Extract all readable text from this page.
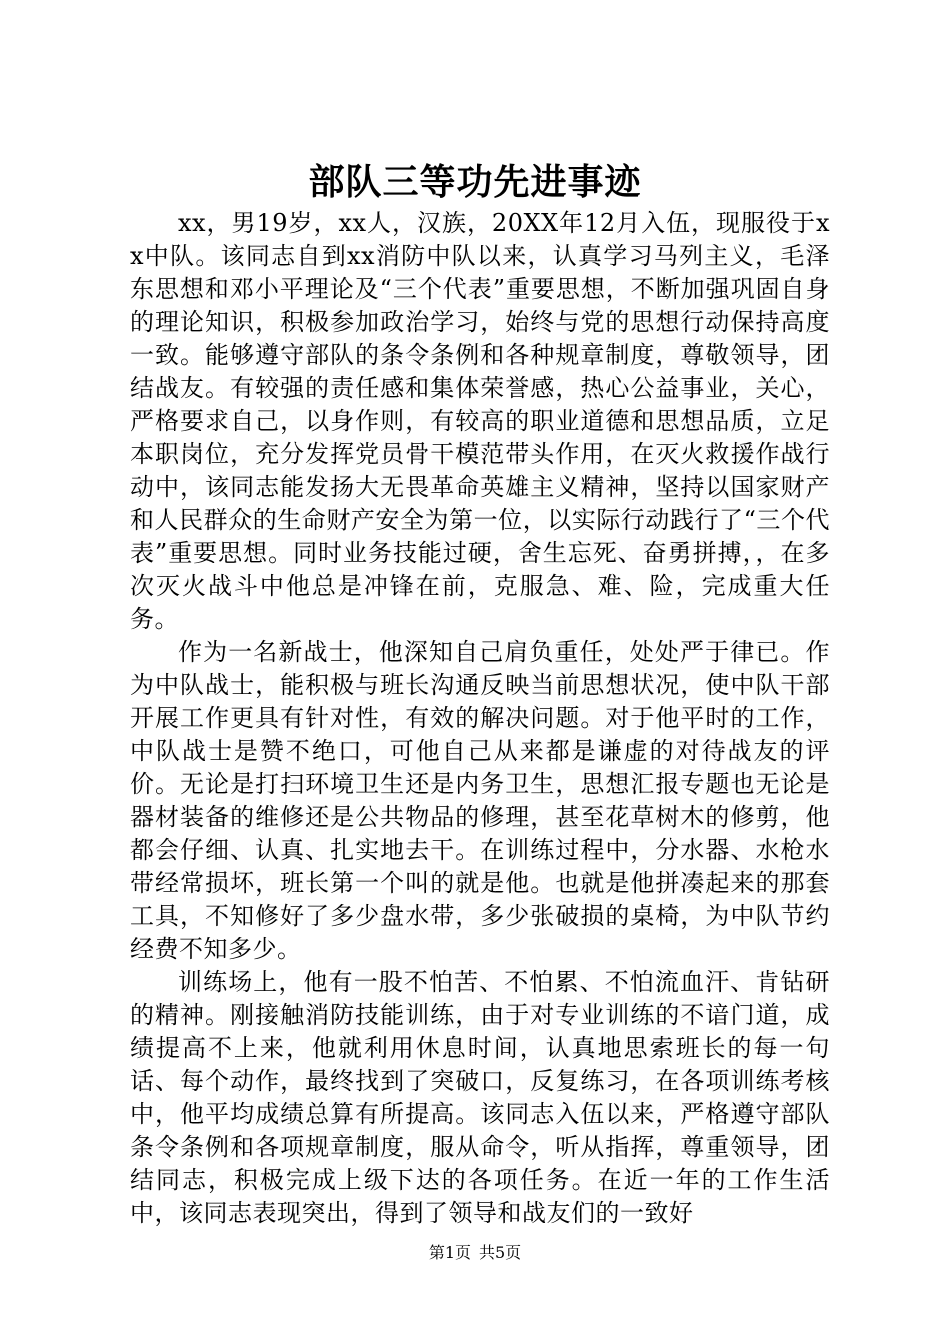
部队三等功先进事迹

xx，男19岁，xx人，汉族，20XX年12月入伍，现服役于xx中队。该同志自到xx消防中队以来，认真学习马列主义，毛泽东思想和邓小平理论及“三个代表”重要思想，不断加强巩固自身的理论知识，积极参加政治学习，始终与党的思想行动保持高度一致。能够遵守部队的条令条例和各种规章制度，尊敬领导，团结战友。有较强的责任感和集体荣誉感，热心公益事业，关心，严格要求自己，以身作则，有较高的职业道德和思想品质，立足本职岗位，充分发挥党员骨干模范带头作用，在灭火救援作战行动中，该同志能发扬大无畏革命英雄主义精神，坚持以国家财产和人民群众的生命财产安全为第一位，以实际行动践行了“三个代表”重要思想。同时业务技能过硬，舍生忘死、奋勇拼搏，，在多次灭火战斗中他总是冲锋在前，克服急、难、险，完成重大任务。

作为一名新战士，他深知自己肩负重任，处处严于律已。作为中队战士，能积极与班长沟通反映当前思想状况，使中队干部开展工作更具有针对性，有效的解决问题。对于他平时的工作，中队战士是赞不绝口，可他自己从来都是谦虚的对待战友的评价。无论是打扫环境卫生还是内务卫生，思想汇报专题也无论是器材装备的维修还是公共物品的修理，甚至花草树木的修剪，他都会仔细、认真、扎实地去干。在训练过程中，分水器、水枪水带经常损坏，班长第一个叫的就是他。也就是他拼凑起来的那套工具，不知修好了多少盘水带，多少张破损的桌椅，为中队节约经费不知多少。

训练场上，他有一股不怕苦、不怕累、不怕流血汗、肯钻研的精神。刚接触消防技能训练，由于对专业训练的不谙门道，成绩提高不上来，他就利用休息时间，认真地思索班长的每一句话、每个动作，最终找到了突破口，反复练习，在各项训练考核中，他平均成绩总算有所提高。该同志入伍以来，严格遵守部队条令条例和各项规章制度，服从命令，听从指挥，尊重领导，团结同志，积极完成上级下达的各项任务。在近一年的工作生活中，该同志表现突出，得到了领导和战友们的一致好

第1页 共5页
